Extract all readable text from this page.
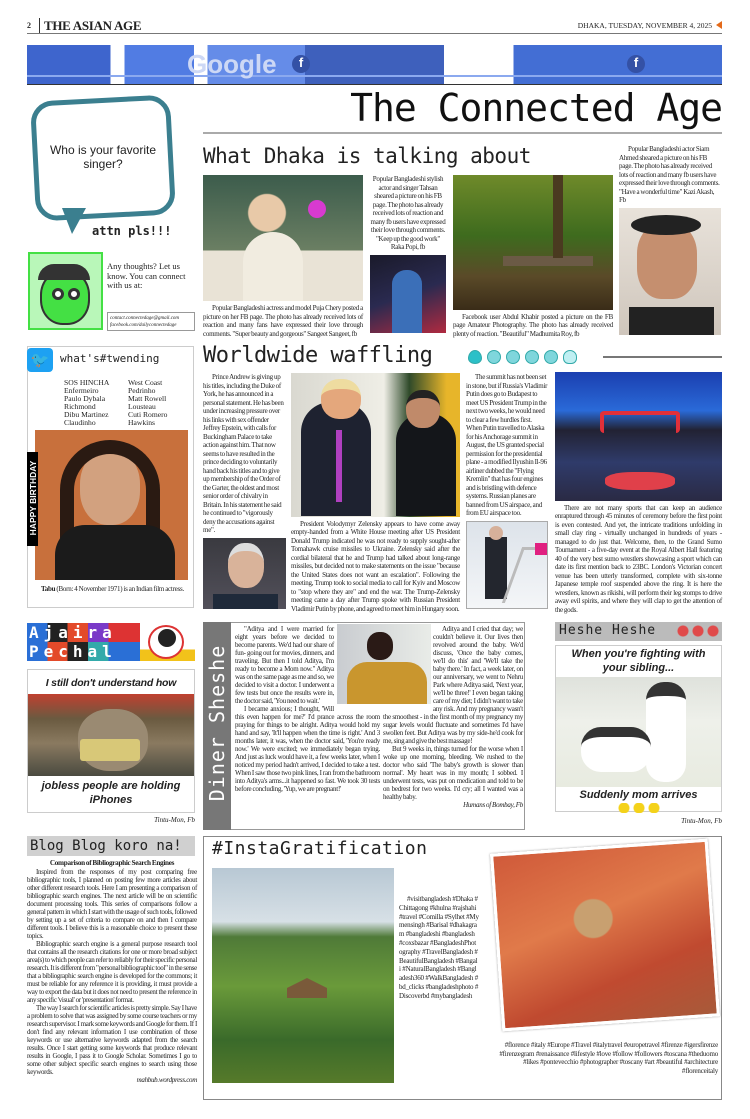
2	THE ASIAN AGE	DHAKA, TUESDAY, NOVEMBER 4, 2025
Google	f	f
The Connected Age
Who is your favorite singer?
attn pls!!!
Any thoughts? Let us know. You can connect with us at:
contact.connectedage@gmail.com
facebook.com/dailyconnectedage
What Dhaka is talking about
Popular Bangladeshi actress and model Puja Chery posted a picture on her FB page. The photo has already received lots of reaction and many fans have expressed their love through comments. "Super beauty and gorgeous" Sangeet Sangeet, fb
Popular Bangladeshi stylish actor and singer Tahsan sheared a picture on his FB page. The photo has already received lots of reaction and many fb users have expressed their love through comments. "Keep up the good work" Raka Popi, fb
Facebook user Abdul Khabir posted a picture on the FB page Amateur Photography. The photo has already received plenty of reaction. "Beautiful" Madhumita Roy, fb
Popular Bangladeshi actor Siam Ahmed sheared a picture on his FB page. The photo has already received lots of reaction and many fb users have expressed their love through comments. "Have a wonderful time" Kazi Akash, Fb
🐦 what's#twending
SOS HINCHA
Enfermeiro
Paulo Dybala
Richmond
Dibu Martinez
Claudinho
West Coast
Pedrinho
Matt Rowell
Lousteau
Cuti Romero
Hawkins
HAPPY BIRTHDAY
Tabu (Born: 4 November 1971) is an Indian film actress.
Worldwide waffling

Prince Andrew is giving up his titles, including the Duke of York, he has announced in a personal statement. He has been under increasing pressure over his links with sex offender Jeffrey Epstein, with calls for Buckingham Palace to take action against him. That now seems to have resulted in the prince deciding to voluntarily hand back his titles and to give up membership of the Order of the Garter, the oldest and most senior order of chivalry in Britain. In his statement he said he continued to "vigorously deny the accusations against me".

President Volodymyr Zelensky appears to have come away empty-handed from a White House meeting after US President Donald Trump indicated he was not ready to supply sought-after Tomahawk cruise missiles to Ukraine. Zelensky said after the cordial bilateral that he and Trump had talked about long-range missiles, but decided not to make statements on the issue "because the United States does not want an escalation". Following the meeting, Trump took to social media to call for Kyiv and Moscow to "stop where they are" and end the war. The Trump-Zelensky meeting came a day after Trump spoke with Russian President Vladimir Putin by phone, and agreed to meet him in Hungary soon.

The summit has not been set in stone, but if Russia's Vladimir Putin does go to Budapest to meet US President Trump in the next two weeks, he would need to clear a few hurdles first. When Putin travelled to Alaska for his Anchorage summit in August, the US granted special permission for the presidential plane - a modified Ilyushin Il-96 airliner dubbed the "Flying Kremlin" that has four engines and is bristling with defence systems. Russian planes are banned from US airspace, and from EU airspace too.

There are not many sports that can keep an audience enraptured through 45 minutes of ceremony before the first point is even contested. And yet, the intricate traditions unfolding in small clay ring - virtually unchanged in hundreds of years - managed to do just that. Welcome, then, to the Grand Sumo Tournament - a five-day event at the Royal Albert Hall featuring 40 of the very best sumo wrestlers showcasing a sport which can date its first mention back to 23BC. London's Victorian concert venue has been utterly transformed, complete with six-tonne Japanese temple roof suspended above the ring. It is here the wrestlers, known as rikishi, will perform their leg stomps to drive away evil spirits, and where they will clap to get the attention of the gods.

Ajaira
Pechal
I still don't understand how
jobless people are holding iPhones
Tintu-Mon, Fb
Diner Sheshe

"Aditya and I were married for eight years before we decided to become parents. We'd had our share of fun- going out for movies, dinners, and traveling. But then I told Aditya, I'm ready to become a Mom now." Aditya was on the same page as me and so, we decided to visit a doctor. I underwent a few tests but once the results were in, the doctor said, 'You need to wait.'

I became anxious; I thought, 'Will this even happen for me?' I'd prance across the room praying for things to be alright. Aditya would hold my hand and say, 'It'll happen when the time is right.' And 3 months later, it was, when the doctor said, 'You're ready now.' We were excited; we immediately began trying. And just as luck would have it, a few weeks later, when I noticed my period hadn't arrived, I decided to take a test. When I saw those two pink lines, I ran from the bathroom into Aditya's arms...it happened so fast. We took 30 tests before concluding, 'Yup, we are pregnant!'

Aditya and I cried that day; we couldn't believe it. Our lives then revolved around the baby. We'd discuss, 'Once the baby comes, we'll do this' and 'We'll take the baby there.' In fact, a week later, on our anniversary, we went to Nehru Park where Aditya said, 'Next year, we'll be three!' I even began taking care of my diet; I didn't want to take any risk. And my pregnancy wasn't the smoothest - in the first month of my pregnancy my sugar levels would fluctuate and sometimes I'd have swollen feet. But Aditya was by my side-he'd cook for me, sing and give the best massage!

But 9 weeks in, things turned for the worse when I woke up one morning, bleeding. We rushed to the doctor who said 'The baby's growth is slower than normal'. My heart was in my mouth; I sobbed. I underwent tests, was put on medication and told to be on bedrest for two weeks. I'd cry; all I wanted was a healthy baby.

Humans of Bombay, Fb
Heshe Heshe
When you're fighting with your sibling...
Suddenly mom arrives
Tintu-Mon, Fb
Blog Blog koro na!
Comparison of Bibliographic Search Engines

Inspired from the responses of my post comparing free bibliographic tools, I planned on posting few more articles about other different research tools. Here I am presenting a comparison of bibliographic search engines. The next article will be on scientific document processing tools. This series of comparisons follow a general pattern in which I start with the usage of such tools, followed by setting up a set of criteria to compare on and then I compare different tools. I believe this is a reasonable choice to present these topics.

Bibliographic search engine is a general purpose research tool that contains all the research citations for one or more broad subject area(s) to which people can refer to reliably for their specific personal research. It is different from "personal bibliographic tool" in the sense that a bibliographic search engine is developed for the commons; it must be reliable for any reference it is providing, it must provide a way to export the data but it does not need to present the reference in any specific 'visual' or 'presentation' format.

The way I search for scientific articles is pretty simple. Say I have a problem to solve that was assigned by some course teachers or my research supervisor. I mark some keywords and Google for them. If I don't find any relevant information I use combination of those keywords or use alternative keywords adapted from the search results. Once I start getting some keywords that produce relevant results in Google, I pass it to Google Scholar. Sometimes I go to some other subject specific search engines to search using those keywords.

mahbub.wordpress.com
#InstaGratification
#visitbangladesh #Dhaka #Chittagong #khulna #rajshahi #travel #Comilla #Sylhet #Mymensingh #Barisal #dhakagram #bangladeshi #bangladesh #coxsbazar #BangladeshPhotography #TravelBangladesh #BeautifulBangladesh #Bangali #NaturalBangladesh #Bangladesh360 #WalkBangladesh #bd_clicks #bangladeshphoto #Discoverbd #mybangladesh
#florence #italy #Europe #Travel #italytravel #europetravel #firenze #igersfirenze #firenzegram #renaissance #lifestyle #love #follow #followers #toscana #theduomo #likes #pontevecchio #photographer #toscany #art #beautiful #architecture #florenceitaly
